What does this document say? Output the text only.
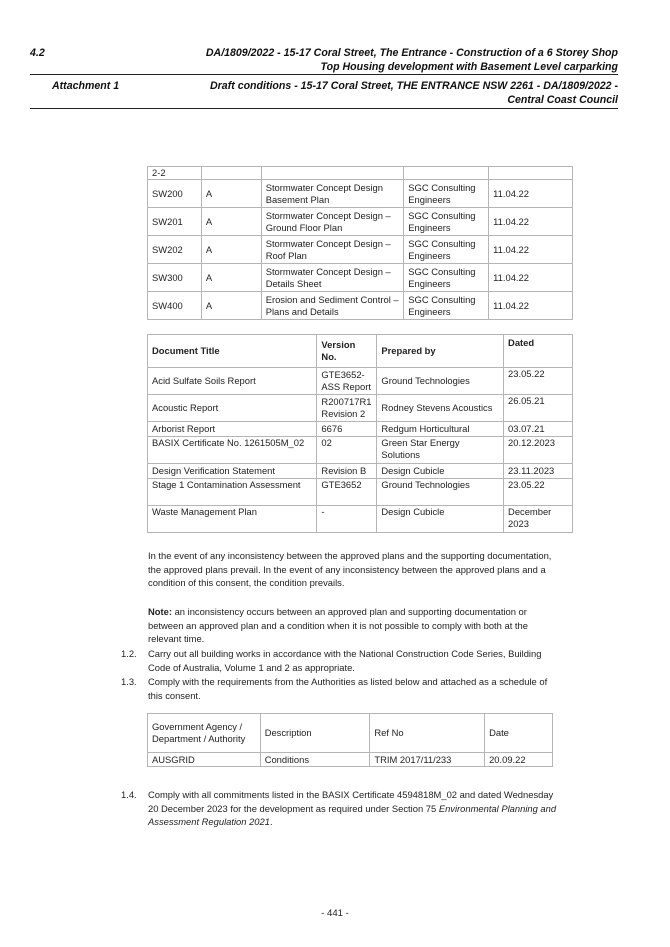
4.2	DA/1809/2022 - 15-17 Coral Street, The Entrance - Construction of a 6 Storey Shop
Top Housing development with Basement Level carparking
Attachment 1	Draft conditions - 15-17 Coral Street, THE ENTRANCE NSW 2261 - DA/1809/2022 -
Central Coast Council
2-2				
SW200	A	Stormwater Concept Design Basement Plan	SGC Consulting Engineers	11.04.22
SW201	A	Stormwater Concept Design – Ground Floor Plan	SGC Consulting Engineers	11.04.22
SW202	A	Stormwater Concept Design – Roof Plan	SGC Consulting Engineers	11.04.22
SW300	A	Stormwater Concept Design – Details Sheet	SGC Consulting Engineers	11.04.22
SW400	A	Erosion and Sediment Control – Plans and Details	SGC Consulting Engineers	11.04.22
Document Title	Version No.	Prepared by	Dated
Acid Sulfate Soils Report	GTE3652-ASS Report	Ground Technologies	23.05.22
Acoustic Report	R200717R1 Revision 2	Rodney Stevens Acoustics	26.05.21
Arborist Report	6676	Redgum Horticultural	03.07.21
BASIX Certificate No. 1261505M_02	02	Green Star Energy Solutions	20.12.2023
Design Verification Statement	Revision B	Design Cubicle	23.11.2023
Stage 1 Contamination Assessment	GTE3652	Ground Technologies	23.05.22
Waste Management Plan	-	Design Cubicle	December 2023
In the event of any inconsistency between the approved plans and the supporting documentation, the approved plans prevail. In the event of any inconsistency between the approved plans and a condition of this consent, the condition prevails.
Note: an inconsistency occurs between an approved plan and supporting documentation or between an approved plan and a condition when it is not possible to comply with both at the relevant time.
1.2. Carry out all building works in accordance with the National Construction Code Series, Building Code of Australia, Volume 1 and 2 as appropriate.
1.3. Comply with the requirements from the Authorities as listed below and attached as a schedule of this consent.
Government Agency / Department / Authority	Description	Ref No	Date
AUSGRID	Conditions	TRIM 2017/11/233	20.09.22
1.4. Comply with all commitments listed in the BASIX Certificate 4594818M_02 and dated Wednesday 20 December 2023 for the development as required under Section 75 Environmental Planning and Assessment Regulation 2021.
- 441 -
